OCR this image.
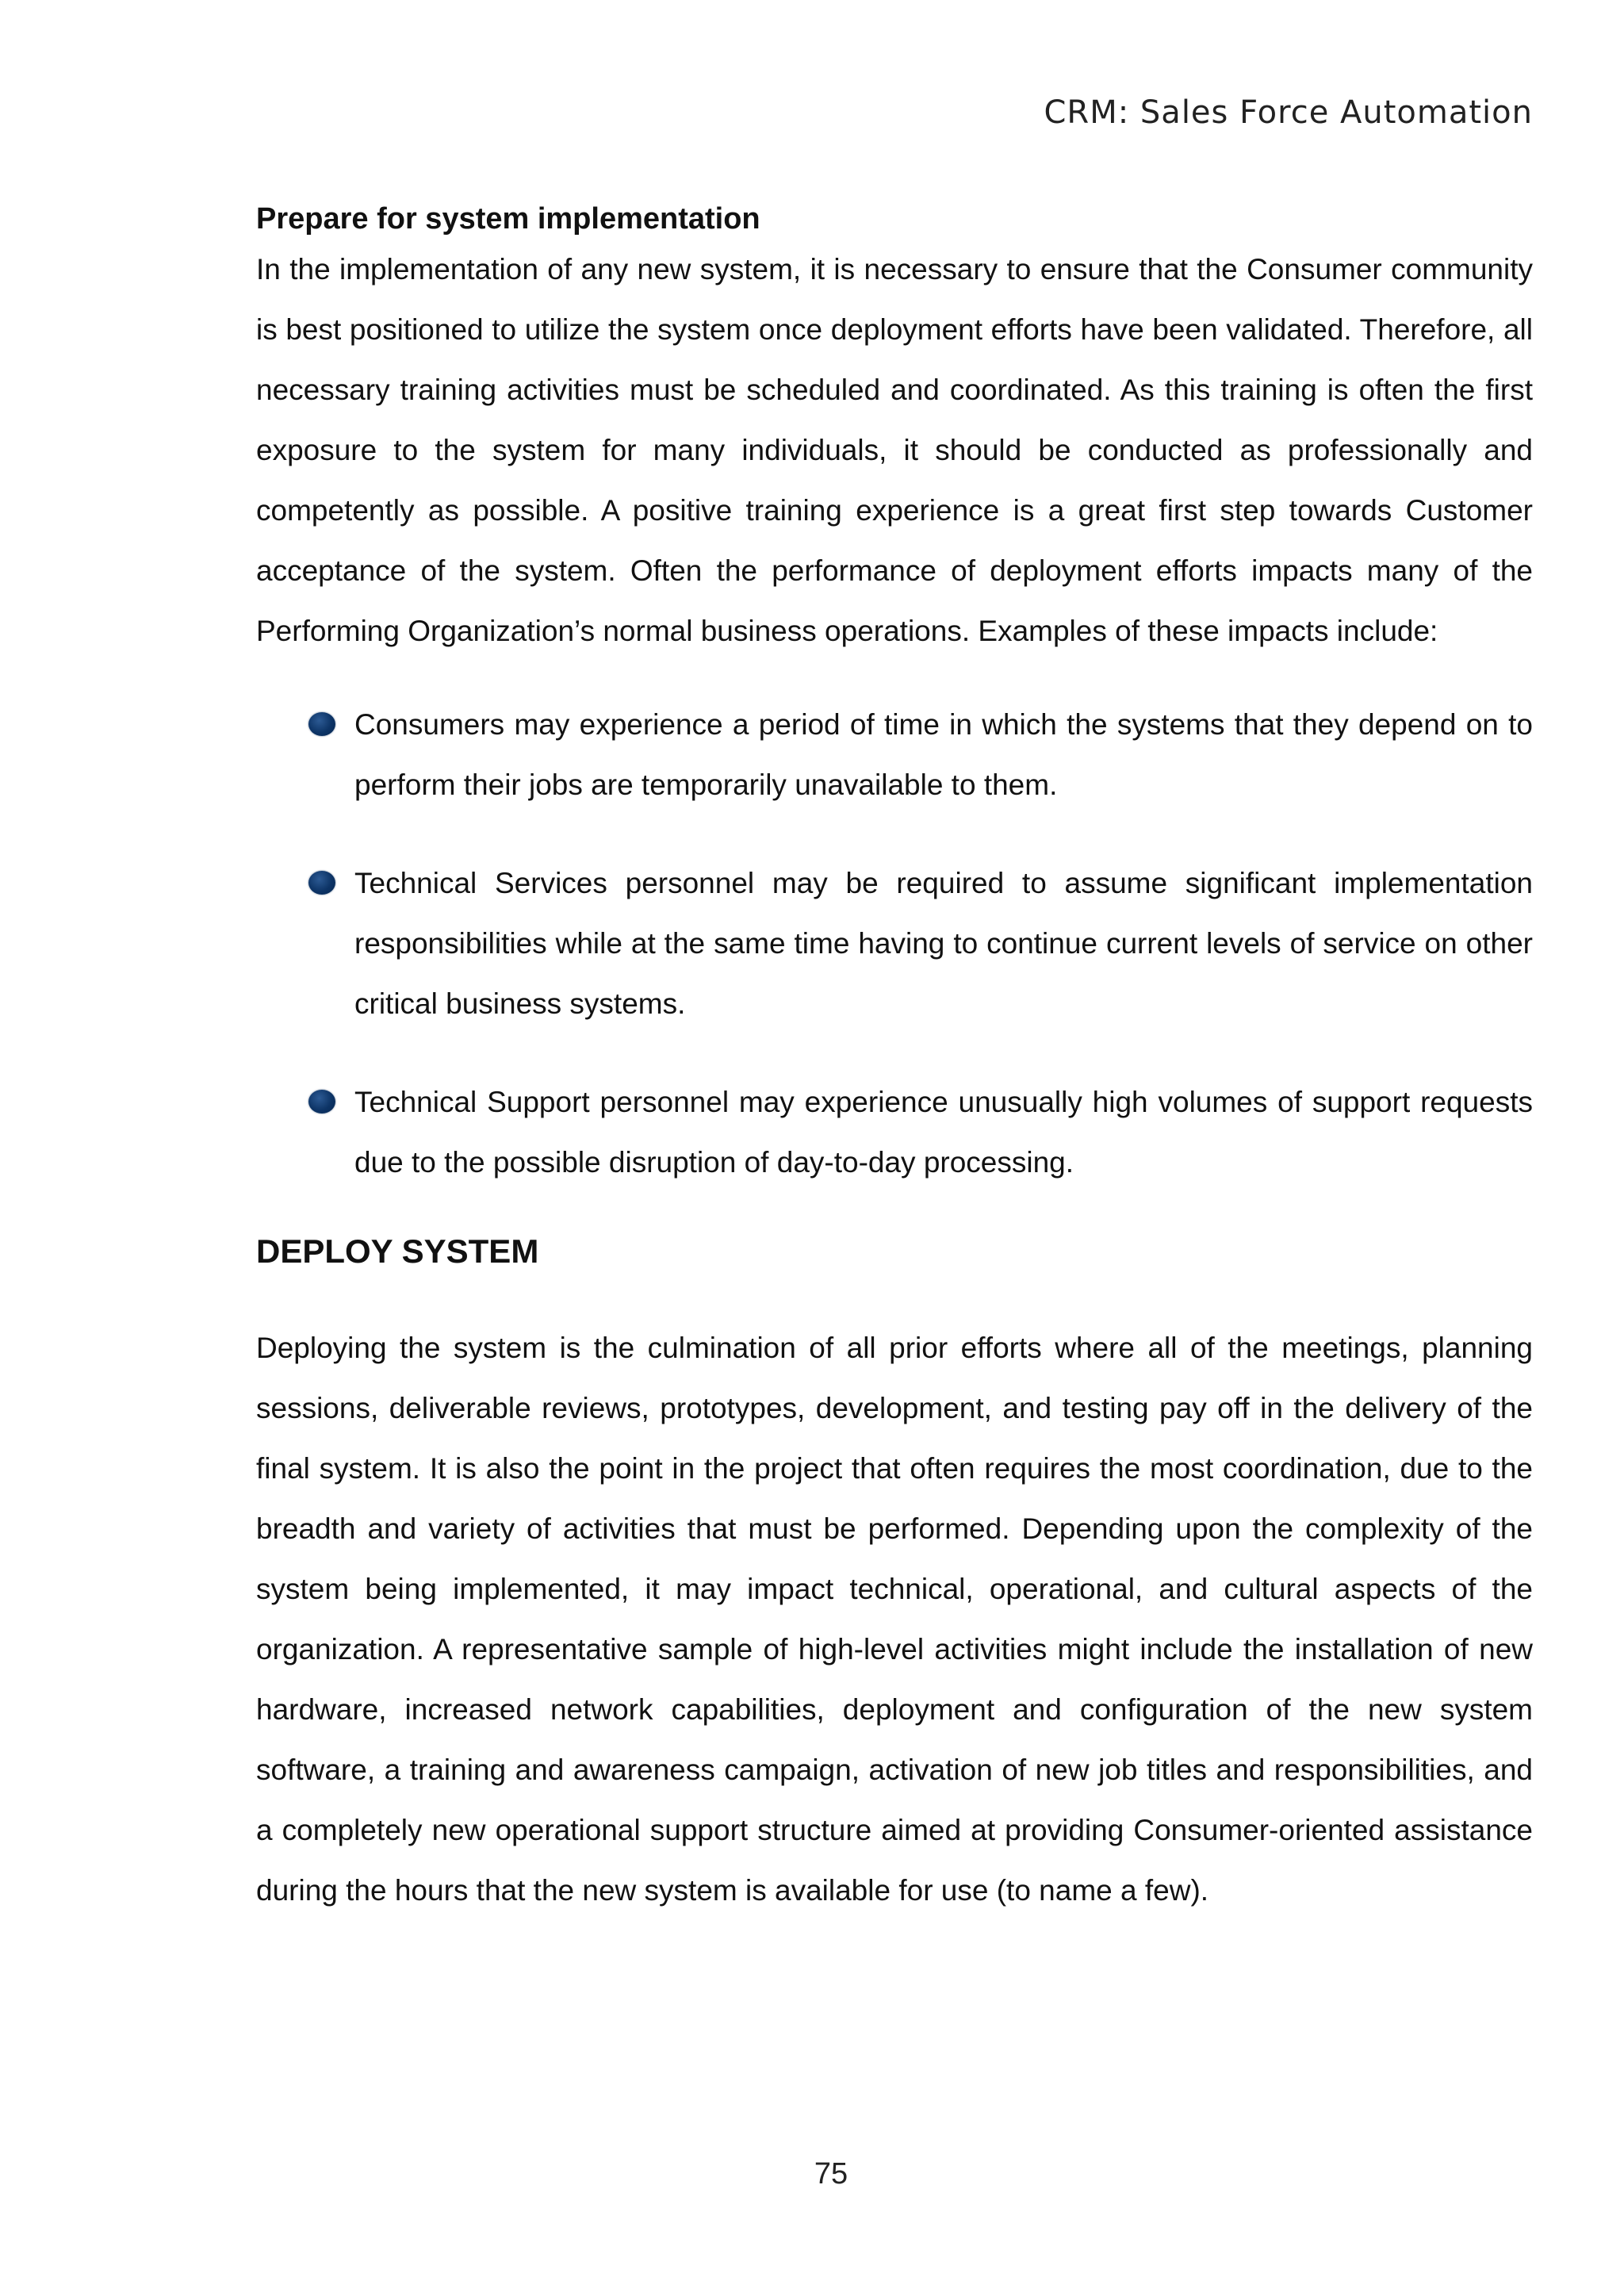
CRM: Sales Force Automation
Prepare for system implementation

In the implementation of any new system, it is necessary to ensure that the Consumer community is best positioned to utilize the system once deployment efforts have been validated. Therefore, all necessary training activities must be scheduled and coordinated. As this training is often the first exposure to the system for many individuals, it should be conducted as professionally and competently as possible. A positive training experience is a great first step towards Customer acceptance of the system. Often the performance of deployment efforts impacts many of the Performing Organization’s normal business operations. Examples of these impacts include:

Consumers may experience a period of time in which the systems that they depend on to perform their jobs are temporarily unavailable to them.
Technical Services personnel may be required to assume significant implementation responsibilities while at the same time having to continue current levels of service on other critical business systems.
Technical Support personnel may experience unusually high volumes of support requests due to the possible disruption of day-to-day processing.
DEPLOY SYSTEM

Deploying the system is the culmination of all prior efforts where all of the meetings, planning sessions, deliverable reviews, prototypes, development, and testing pay off in the delivery of the final system. It is also the point in the project that often requires the most coordination, due to the breadth and variety of activities that must be performed. Depending upon the complexity of the system being implemented, it may impact technical, operational, and cultural aspects of the organization. A representative sample of high-level activities might include the installation of new hardware, increased network capabilities, deployment and configuration of the new system software, a training and awareness campaign, activation of new job titles and responsibilities, and a completely new operational support structure aimed at providing Consumer-oriented assistance during the hours that the new system is available for use (to name a few).

75
